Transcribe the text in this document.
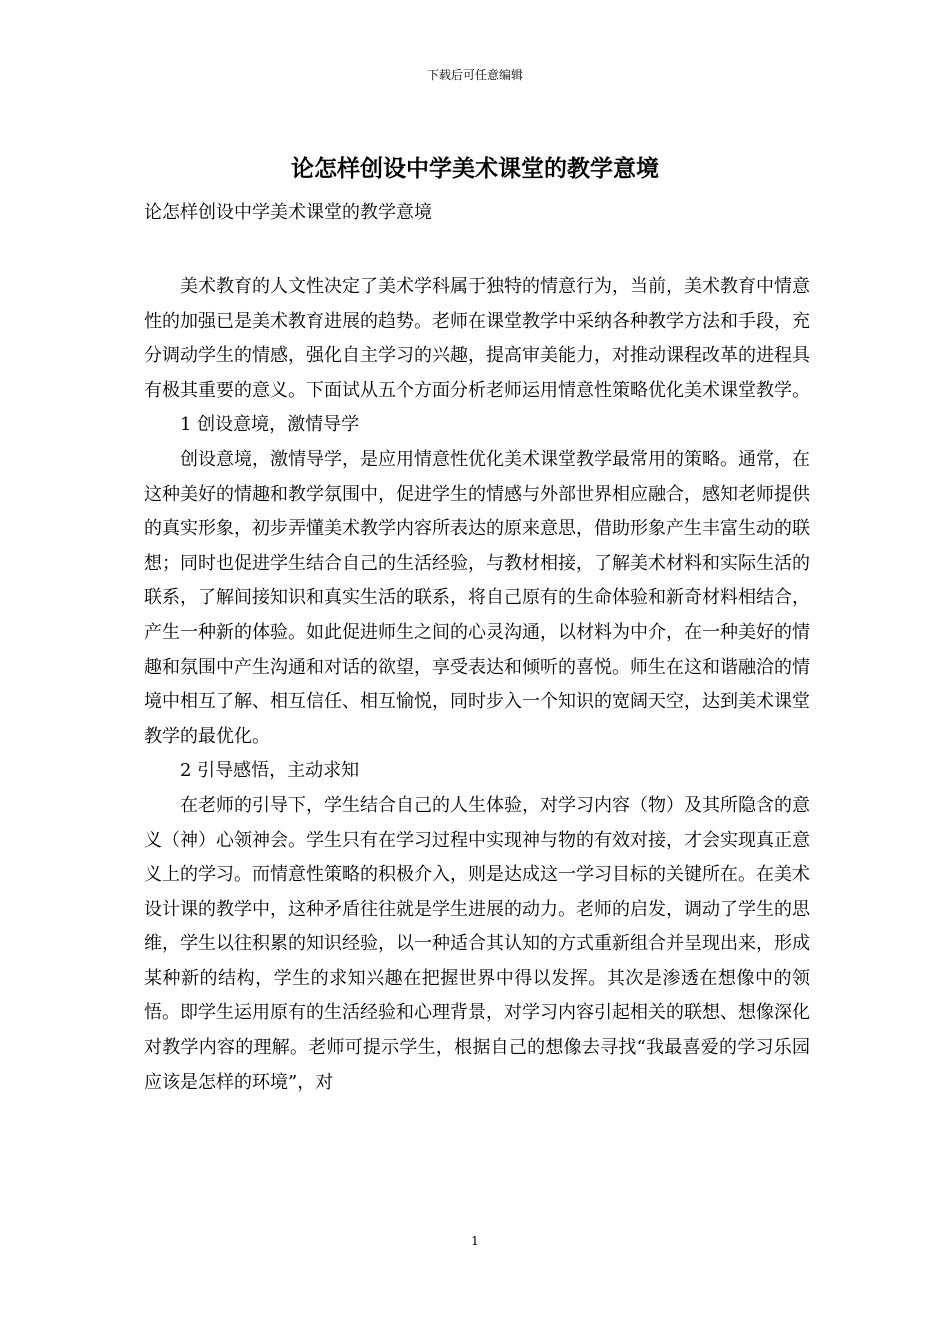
下载后可任意编辑
论怎样创设中学美术课堂的教学意境

论怎样创设中学美术课堂的教学意境

美术教育的人文性决定了美术学科属于独特的情意行为，当前，美术教育中情意性的加强已是美术教育进展的趋势。老师在课堂教学中采纳各种教学方法和手段，充分调动学生的情感，强化自主学习的兴趣，提高审美能力，对推动课程改革的进程具有极其重要的意义。下面试从五个方面分析老师运用情意性策略优化美术课堂教学。

1 创设意境，激情导学

创设意境，激情导学，是应用情意性优化美术课堂教学最常用的策略。通常，在这种美好的情趣和教学氛围中，促进学生的情感与外部世界相应融合，感知老师提供的真实形象，初步弄懂美术教学内容所表达的原来意思，借助形象产生丰富生动的联想；同时也促进学生结合自己的生活经验，与教材相接，了解美术材料和实际生活的联系，了解间接知识和真实生活的联系，将自己原有的生命体验和新奇材料相结合，产生一种新的体验。如此促进师生之间的心灵沟通，以材料为中介，在一种美好的情趣和氛围中产生沟通和对话的欲望，享受表达和倾听的喜悦。师生在这和谐融洽的情境中相互了解、相互信任、相互愉悦，同时步入一个知识的宽阔天空，达到美术课堂教学的最优化。

2 引导感悟，主动求知

在老师的引导下，学生结合自己的人生体验，对学习内容（物）及其所隐含的意义（神）心领神会。学生只有在学习过程中实现神与物的有效对接，才会实现真正意义上的学习。而情意性策略的积极介入，则是达成这一学习目标的关键所在。在美术设计课的教学中，这种矛盾往往就是学生进展的动力。老师的启发，调动了学生的思维，学生以往积累的知识经验，以一种适合其认知的方式重新组合并呈现出来，形成某种新的结构，学生的求知兴趣在把握世界中得以发挥。其次是渗透在想像中的领悟。即学生运用原有的生活经验和心理背景，对学习内容引起相关的联想、想像深化对教学内容的理解。老师可提示学生，根据自己的想像去寻找“我最喜爱的学习乐园应该是怎样的环境”，对

1
